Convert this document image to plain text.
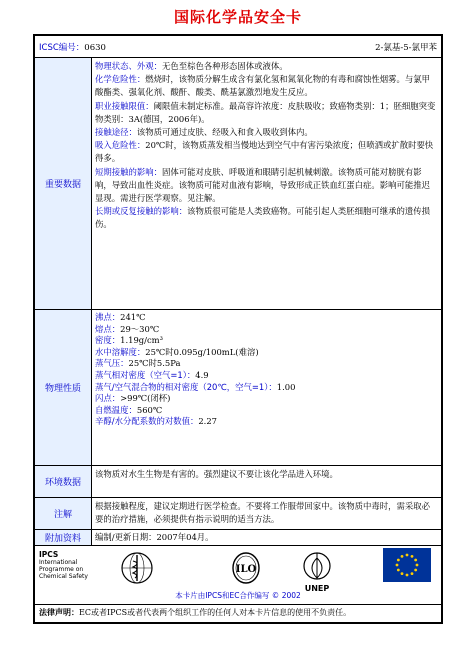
国际化学品安全卡
ICSC编号：0630	2-氯基-5-氯甲苯
重要数据

物理状态、外观：无色至棕色各种形态固体或液体。

化学危险性：燃烧时，该物质分解生成含有氯化氢和氮氧化物的有毒和腐蚀性烟雾。与氯甲酸酯类、强氧化剂、酸酐、酸类、酰基氯激烈地发生反应。

职业接触限值：阈限值未制定标准。最高容许浓度：皮肤吸收；致癌物类别：1；胚细胞突变物类别：3A(德国，2006年)。

接触途径：该物质可通过皮肤、经吸入和食入吸收到体内。

吸入危险性：20℃时，该物质蒸发相当慢地达到空气中有害污染浓度；但喷洒或扩散时要快得多。

短期接触的影响：固体可能对皮肤、呼吸道和眼睛引起机械刺激。该物质可能对膀胱有影响，导致出血性炎症。该物质可能对血液有影响，导致形成正铁血红蛋白症。影响可能推迟显现。需进行医学观察。见注解。

长期或反复接触的影响：该物质很可能是人类致癌物。可能引起人类胚细胞可继承的遗传损伤。

物理性质

沸点：241℃

熔点：29～30℃

密度：1.19g/cm³

水中溶解度：25℃时0.095g/100mL(难溶)

蒸气压：25℃时5.5Pa

蒸气相对密度（空气=1）：4.9

蒸气/空气混合物的相对密度（20℃，空气=1）：1.00

闪点：>99℃(闭杯)

自燃温度：560℃

辛醇/水分配系数的对数值：2.27

环境数据
该物质对水生生物是有害的。强烈建议不要让该化学品进入环境。
注解
根据接触程度，建议定期进行医学检查。不要将工作服带回家中。该物质中毒时，需采取必要的治疗措施，必须提供有指示说明的适当方法。
附加资料	编制/更新日期：2007年04月。
IPCS
International
Programme on
Chemical Safety
ILO
UNEP
本卡片由IPCS和EC合作编写 © 2002
法律声明：EC或者IPCS或者代表两个组织工作的任何人对本卡片信息的使用不负责任。
